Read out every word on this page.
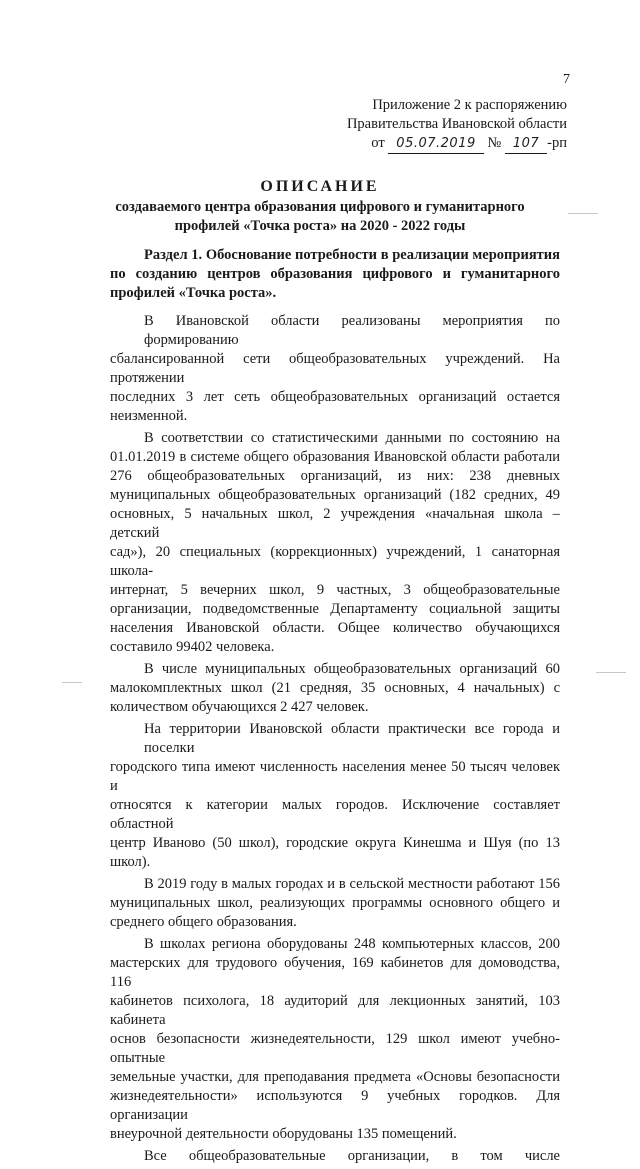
7
Приложение 2 к распоряжению
Правительства Ивановской области
от 05.07.2019 № 107 -рп
ОПИСАНИЕ
создаваемого центра образования цифрового и гуманитарного
профилей «Точка роста» на 2020 - 2022 годы
Раздел 1. Обоснование потребности в реализации мероприятия
по созданию центров образования цифрового и гуманитарного
профилей «Точка роста».
В Ивановской области реализованы мероприятия по формированию
сбалансированной сети общеобразовательных учреждений. На протяжении
последних 3 лет сеть общеобразовательных организаций остается
неизменной.
В соответствии со статистическими данными по состоянию на
01.01.2019 в системе общего образования Ивановской области работали
276 общеобразовательных организаций, из них: 238 дневных
муниципальных общеобразовательных организаций (182 средних, 49
основных, 5 начальных школ, 2 учреждения «начальная школа – детский
сад»), 20 специальных (коррекционных) учреждений, 1 санаторная школа-
интернат, 5 вечерних школ, 9 частных, 3 общеобразовательные
организации, подведомственные Департаменту социальной защиты
населения Ивановской области. Общее количество обучающихся
составило 99402 человека.
В числе муниципальных общеобразовательных организаций 60
малокомплектных школ (21 средняя, 35 основных, 4 начальных) с
количеством обучающихся 2 427 человек.
На территории Ивановской области практически все города и поселки
городского типа имеют численность населения менее 50 тысяч человек и
относятся к категории малых городов. Исключение составляет областной
центр Иваново (50 школ), городские округа Кинешма и Шуя (по 13 школ).
В 2019 году в малых городах и в сельской местности работают 156
муниципальных школ, реализующих программы основного общего и
среднего общего образования.
В школах региона оборудованы 248 компьютерных классов, 200
мастерских для трудового обучения, 169 кабинетов для домоводства, 116
кабинетов психолога, 18 аудиторий для лекционных занятий, 103 кабинета
основ безопасности жизнедеятельности, 129 школ имеют учебно-опытные
земельные участки, для преподавания предмета «Основы безопасности
жизнедеятельности» используются 9 учебных городков. Для организации
внеурочной деятельности оборудованы 135 помещений.
Все общеобразовательные организации, в том числе
